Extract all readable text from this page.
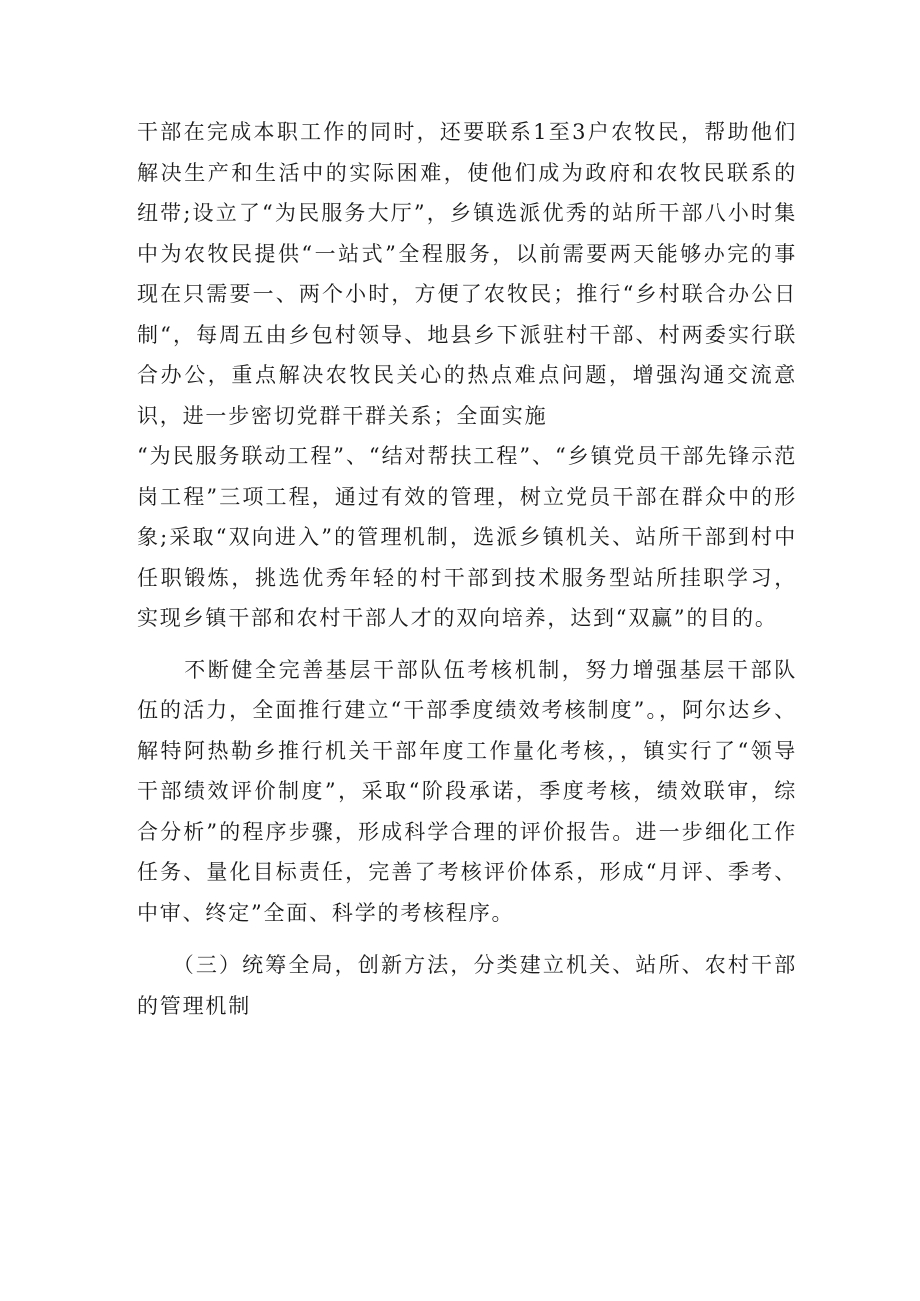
干部在完成本职工作的同时，还要联系1至3户农牧民，帮助他们解决生产和生活中的实际困难，使他们成为政府和农牧民联系的纽带;设立了“为民服务大厅”，乡镇选派优秀的站所干部八小时集中为农牧民提供“一站式”全程服务，以前需要两天能够办完的事现在只需要一、两个小时，方便了农牧民；推行“乡村联合办公日制“，每周五由乡包村领导、地县乡下派驻村干部、村两委实行联合办公，重点解决农牧民关心的热点难点问题，增强沟通交流意识，进一步密切党群干群关系；全面实施

“为民服务联动工程”、“结对帮扶工程”、“乡镇党员干部先锋示范岗工程”三项工程，通过有效的管理，树立党员干部在群众中的形象;采取“双向进入”的管理机制，选派乡镇机关、站所干部到村中任职锻炼，挑选优秀年轻的村干部到技术服务型站所挂职学习，实现乡镇干部和农村干部人才的双向培养，达到“双赢”的目的。

　　不断健全完善基层干部队伍考核机制，努力增强基层干部队伍的活力，全面推行建立“干部季度绩效考核制度”。，阿尔达乡、解特阿热勒乡推行机关干部年度工作量化考核，，镇实行了“领导干部绩效评价制度”，采取“阶段承诺，季度考核，绩效联审，综合分析”的程序步骤，形成科学合理的评价报告。进一步细化工作任务、量化目标责任，完善了考核评价体系，形成“月评、季考、中审、终定”全面、科学的考核程序。

　　（三）统筹全局，创新方法，分类建立机关、站所、农村干部的管理机制
